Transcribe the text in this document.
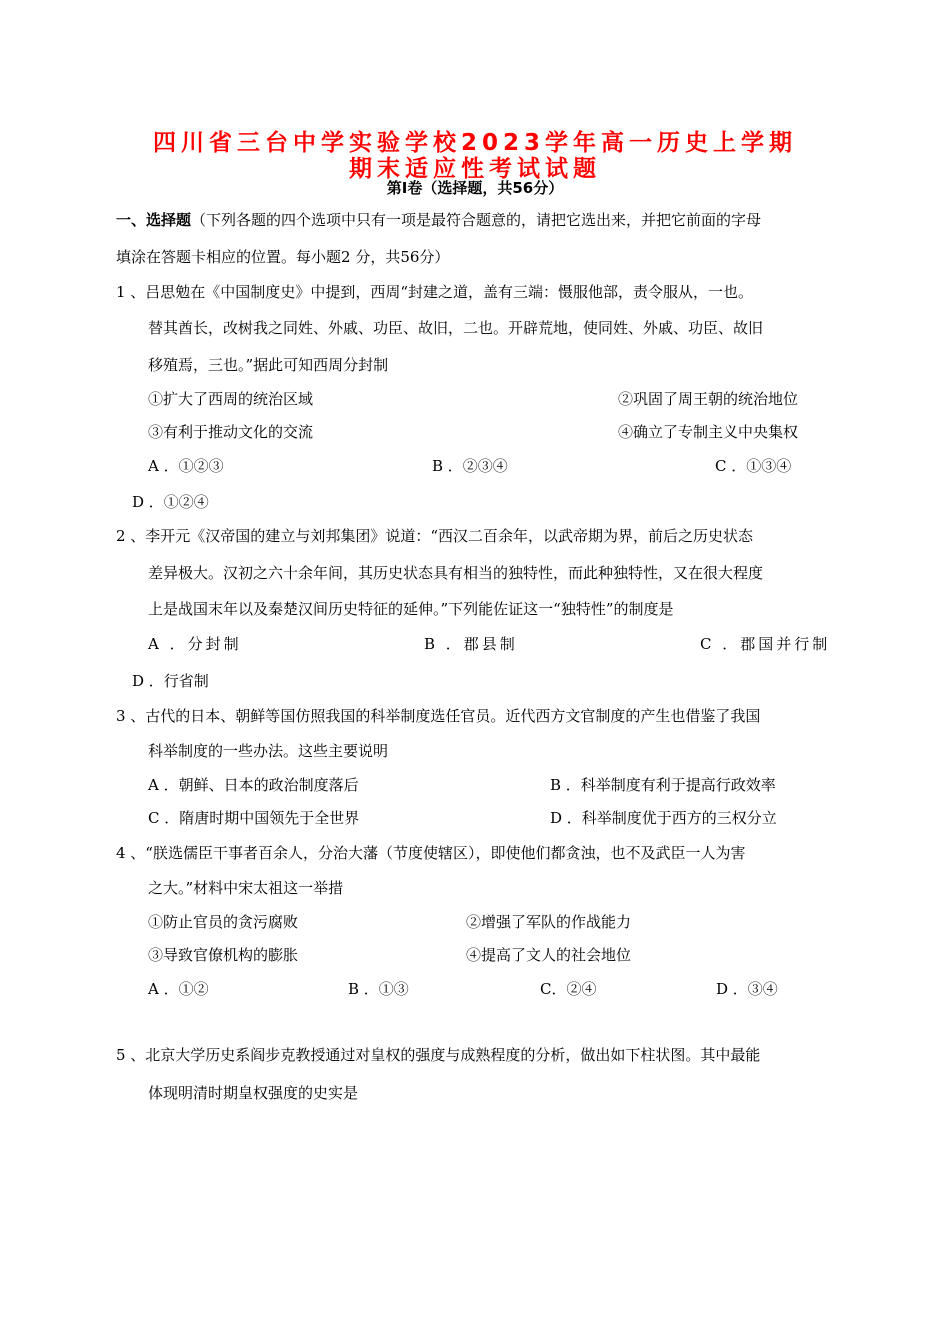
四川省三台中学实验学校2023学年高一历史上学期
期末适应性考试试题
第Ⅰ卷（选择题，共56分）
一、选择题（下列各题的四个选项中只有一项是最符合题意的，请把它选出来，并把它前面的字母
填涂在答题卡相应的位置。每小题2 分，共56分）
1 、吕思勉在《中国制度史》中提到，西周“封建之道，盖有三端：慑服他部，责令服从，一也。
替其酋长，改树我之同姓、外戚、功臣、故旧，二也。开辟荒地，使同姓、外戚、功臣、故旧
移殖焉，三也。”据此可知西周分封制
①扩大了西周的统治区域	②巩固了周王朝的统治地位
③有利于推动文化的交流	④确立了专制主义中央集权
A ．①②③	B ．②③④	C ．①③④
D ．①②④
2 、李开元《汉帝国的建立与刘邦集团》说道：“西汉二百余年，以武帝期为界，前后之历史状态
差异极大。汉初之六十余年间，其历史状态具有相当的独特性，而此种独特性，又在很大程度
上是战国末年以及秦楚汉间历史特征的延伸。”下列能佐证这一“独特性”的制度是
A ．分封制	B ．郡县制	C ．郡国并行制
D ．行省制
3 、古代的日本、朝鲜等国仿照我国的科举制度选任官员。近代西方文官制度的产生也借鉴了我国
科举制度的一些办法。这些主要说明
A ．朝鲜、日本的政治制度落后	B ．科举制度有利于提高行政效率
C ．隋唐时期中国领先于全世界	D ．科举制度优于西方的三权分立
4 、“朕选儒臣干事者百余人，分治大藩（节度使辖区），即使他们都贪浊，也不及武臣一人为害
之大。”材料中宋太祖这一举措
①防止官员的贪污腐败	②增强了军队的作战能力
③导致官僚机构的膨胀	④提高了文人的社会地位
A ．①②	B ．①③	C．②④	D ．③④
5 、北京大学历史系阎步克教授通过对皇权的强度与成熟程度的分析，做出如下柱状图。其中最能
体现明清时期皇权强度的史实是
